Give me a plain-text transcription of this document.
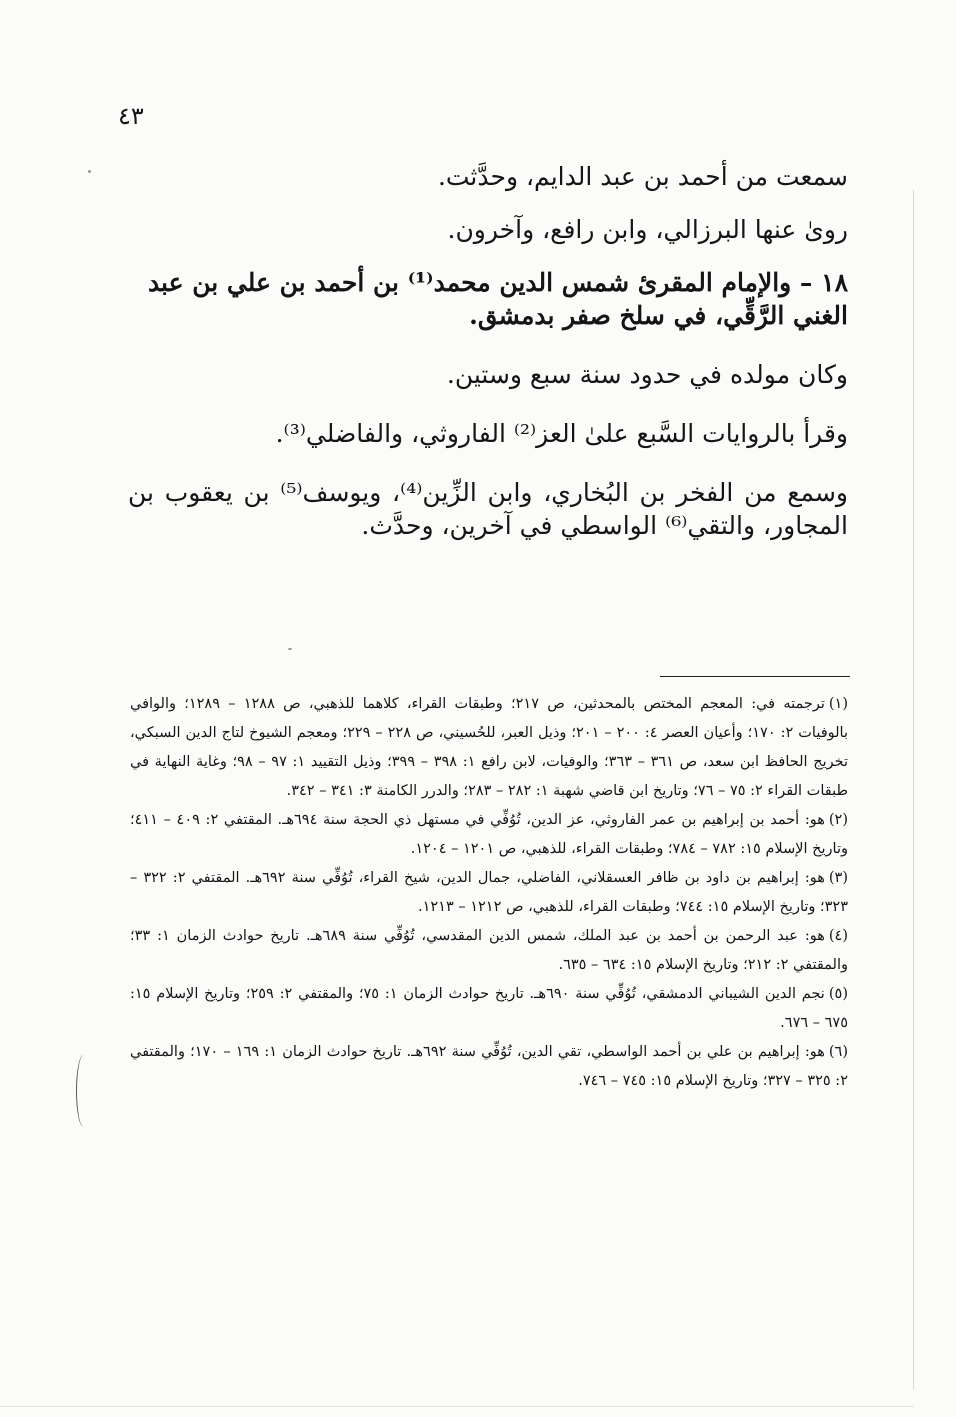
٤٣

سمعت من أحمد بن عبد الدايم، وحدَّثت.

روىٰ عنها البرزالي، وابن رافع، وآخرون.

١٨ – والإمام المقرئ شمس الدين محمد⁽¹⁾ بن أحمد بن علي بن عبد الغني الرَّقِّي، في سلخ صفر بدمشق.

وكان مولده في حدود سنة سبع وستين.

وقرأ بالروايات السَّبع علىٰ العز⁽²⁾ الفاروثي، والفاضلي⁽³⁾.

وسمع من الفخر بن البُخاري، وابن الزِّين⁽⁴⁾، ويوسف⁽⁵⁾ بن يعقوب بن المجاور، والتقي⁽⁶⁾ الواسطي في آخرين، وحدَّث.

(١)ترجمته في: المعجم المختص بالمحدثين، ص ٢١٧؛ وطبقات القراء، كلاهما للذهبي، ص ١٢٨٨ – ١٢٨٩؛ والوافي بالوفيات ٢: ١٧٠؛ وأعيان العصر ٤: ٢٠٠ – ٢٠١؛ وذيل العبر، للحُسيني، ص ٢٢٨ – ٢٢٩؛ ومعجم الشيوخ لتاج الدين السبكي، تخريج الحافظ ابن سعد، ص ٣٦١ – ٣٦٣؛ والوفيات، لابن رافع ١: ٣٩٨ – ٣٩٩؛ وذيل التقييد ١: ٩٧ – ٩٨؛ وغاية النهاية في طبقات القراء ٢: ٧٥ – ٧٦؛ وتاريخ ابن قاضي شهبة ١: ٢٨٢ – ٢٨٣؛ والدرر الكامنة ٣: ٣٤١ – ٣٤٢.

(٢)هو: أحمد بن إبراهيم بن عمر الفاروثي، عز الدين، تُوُفِّي في مستهل ذي الحجة سنة ٦٩٤هـ. المقتفي ٢: ٤٠٩ – ٤١١؛ وتاريخ الإسلام ١٥: ٧٨٢ – ٧٨٤؛ وطبقات القراء، للذهبي، ص ١٢٠١ – ١٢٠٤.

(٣)هو: إبراهيم بن داود بن ظافر العسقلاني، الفاضلي، جمال الدين، شيخ القراء، تُوُفِّي سنة ٦٩٢هـ. المقتفي ٢: ٣٢٢ – ٣٢٣؛ وتاريخ الإسلام ١٥: ٧٤٤؛ وطبقات القراء، للذهبي، ص ١٢١٢ – ١٢١٣.

(٤)هو: عبد الرحمن بن أحمد بن عبد الملك، شمس الدين المقدسي، تُوُفِّي سنة ٦٨٩هـ. تاريخ حوادث الزمان ١: ٣٣؛ والمقتفي ٢: ٢١٢؛ وتاريخ الإسلام ١٥: ٦٣٤ – ٦٣٥.

(٥)نجم الدين الشيباني الدمشقي، تُوُفِّي سنة ٦٩٠هـ. تاريخ حوادث الزمان ١: ٧٥؛ والمقتفي ٢: ٢٥٩؛ وتاريخ الإسلام ١٥: ٦٧٥ – ٦٧٦.

(٦)هو: إبراهيم بن علي بن أحمد الواسطي، تقي الدين، تُوُفِّي سنة ٦٩٢هـ. تاريخ حوادث الزمان ١: ١٦٩ – ١٧٠؛ والمقتفي ٢: ٣٢٥ – ٣٢٧؛ وتاريخ الإسلام ١٥: ٧٤٥ – ٧٤٦.
